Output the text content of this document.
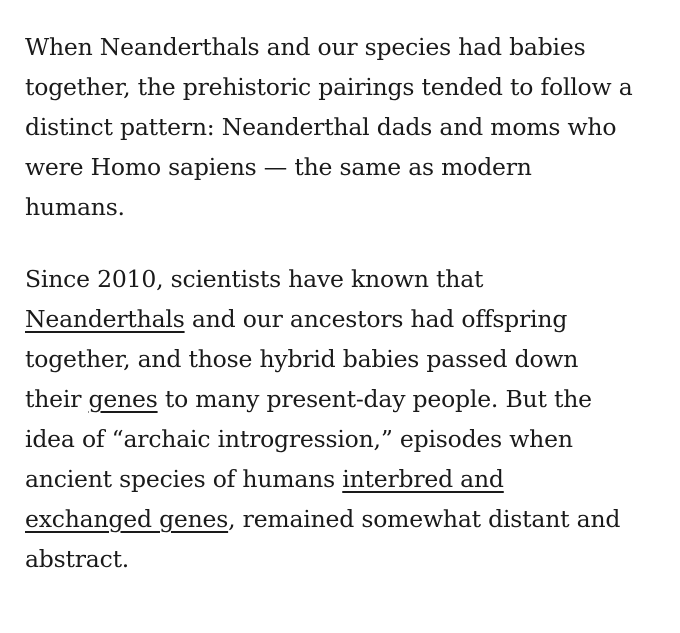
When Neanderthals and our species had babies
together, the prehistoric pairings tended to follow a
distinct pattern: Neanderthal dads and moms who
were Homo sapiens — the same as modern
humans.

Since 2010, scientists have known that
Neanderthals and our ancestors had offspring
together, and those hybrid babies passed down
their genes to many present-day people. But the
idea of “archaic introgression,” episodes when
ancient species of humans interbred and
exchanged genes, remained somewhat distant and
abstract.
